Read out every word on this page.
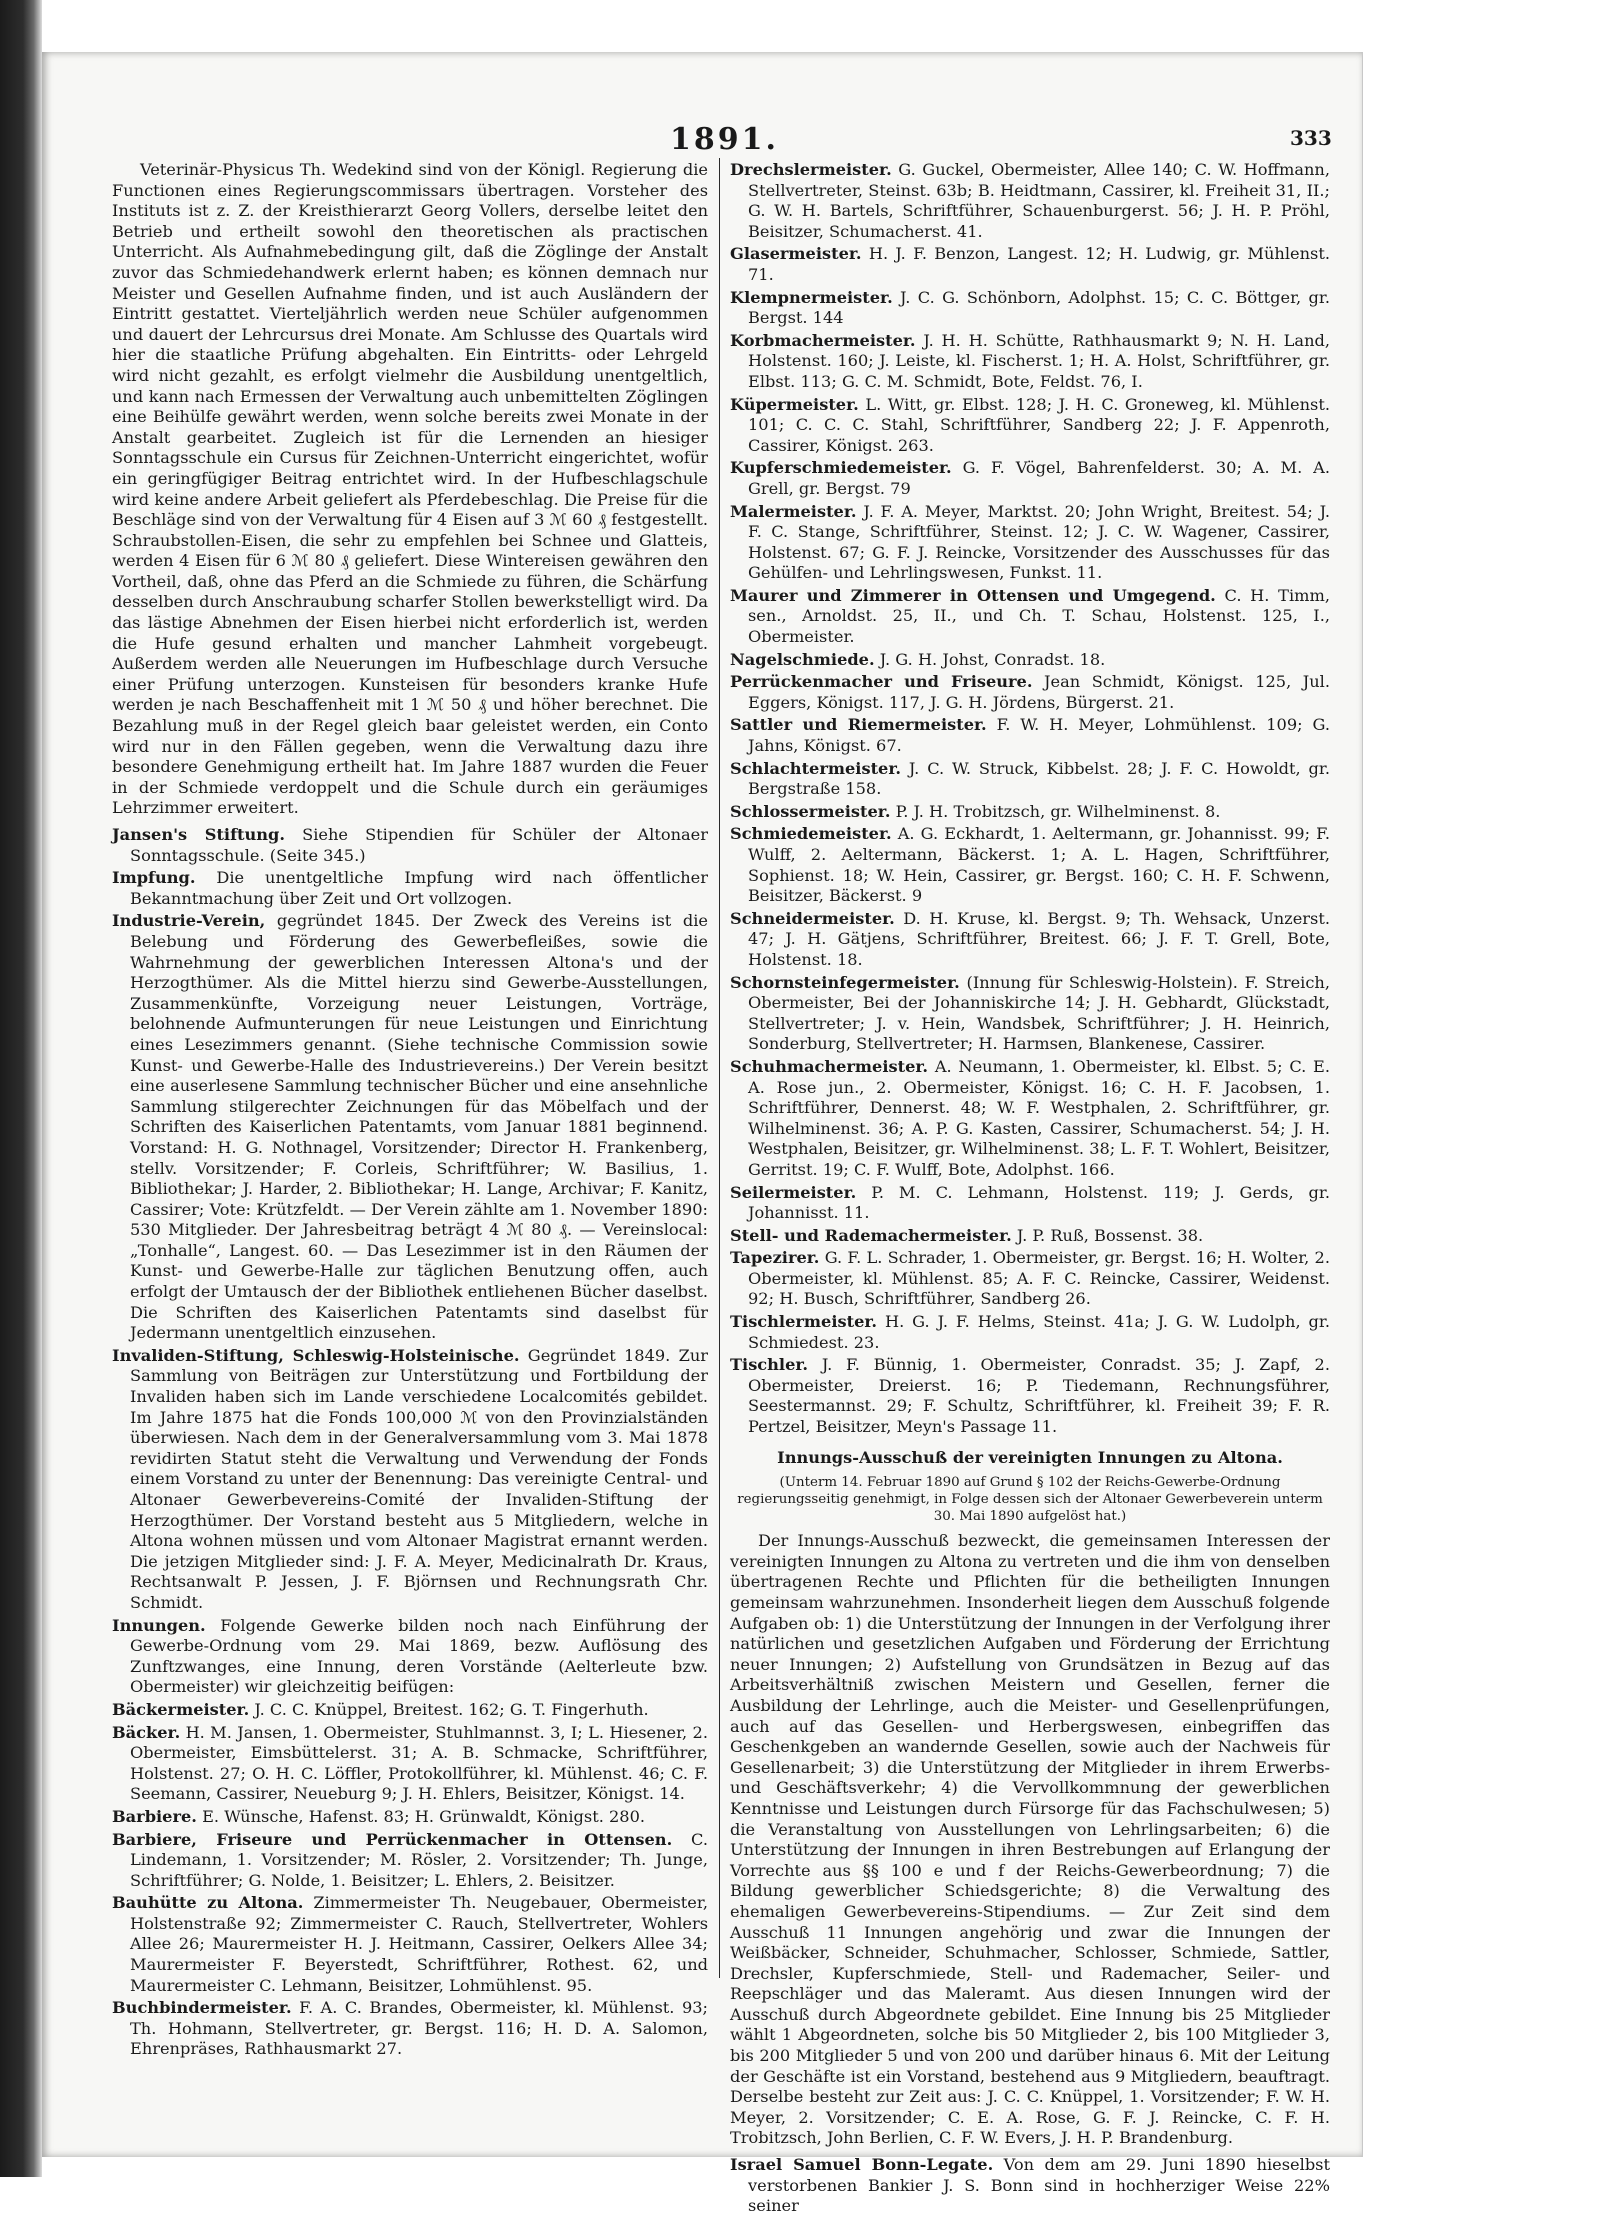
1891.	333

Veterinär-Physicus Th. Wedekind sind von der Königl. Regierung die Functionen eines Regierungscommissars übertragen. Vorsteher des Instituts ist z. Z. der Kreisthierarzt Georg Vollers, derselbe leitet den Betrieb und ertheilt sowohl den theoretischen als practischen Unterricht. Als Aufnahmebedingung gilt, daß die Zöglinge der Anstalt zuvor das Schmiedehandwerk erlernt haben; es können demnach nur Meister und Gesellen Aufnahme finden, und ist auch Ausländern der Eintritt gestattet. Vierteljährlich werden neue Schüler aufgenommen und dauert der Lehrcursus drei Monate. Am Schlusse des Quartals wird hier die staatliche Prüfung abgehalten. Ein Eintritts- oder Lehrgeld wird nicht gezahlt, es erfolgt vielmehr die Ausbildung unentgeltlich, und kann nach Ermessen der Verwaltung auch unbemittelten Zöglingen eine Beihülfe gewährt werden, wenn solche bereits zwei Monate in der Anstalt gearbeitet. Zugleich ist für die Lernenden an hiesiger Sonntagsschule ein Cursus für Zeichnen-Unterricht eingerichtet, wofür ein geringfügiger Beitrag entrichtet wird. In der Hufbeschlagschule wird keine andere Arbeit geliefert als Pferdebeschlag. Die Preise für die Beschläge sind von der Verwaltung für 4 Eisen auf 3 ℳ 60 ₰ festgestellt. Schraubstollen-Eisen, die sehr zu empfehlen bei Schnee und Glatteis, werden 4 Eisen für 6 ℳ 80 ₰ geliefert. Diese Wintereisen gewähren den Vortheil, daß, ohne das Pferd an die Schmiede zu führen, die Schärfung desselben durch Anschraubung scharfer Stollen bewerkstelligt wird. Da das lästige Abnehmen der Eisen hierbei nicht erforderlich ist, werden die Hufe gesund erhalten und mancher Lahmheit vorgebeugt. Außerdem werden alle Neuerungen im Hufbeschlage durch Versuche einer Prüfung unterzogen. Kunsteisen für besonders kranke Hufe werden je nach Beschaffenheit mit 1 ℳ 50 ₰ und höher berechnet. Die Bezahlung muß in der Regel gleich baar geleistet werden, ein Conto wird nur in den Fällen gegeben, wenn die Verwaltung dazu ihre besondere Genehmigung ertheilt hat. Im Jahre 1887 wurden die Feuer in der Schmiede verdoppelt und die Schule durch ein geräumiges Lehrzimmer erweitert.

Jansen's Stiftung. Siehe Stipendien für Schüler der Altonaer Sonntagsschule. (Seite 345.)

Impfung. Die unentgeltliche Impfung wird nach öffentlicher Bekanntmachung über Zeit und Ort vollzogen.

Industrie-Verein, gegründet 1845. Der Zweck des Vereins ist die Belebung und Förderung des Gewerbefleißes, sowie die Wahrnehmung der gewerblichen Interessen Altona's und der Herzogthümer. Als die Mittel hierzu sind Gewerbe-Ausstellungen, Zusammenkünfte, Vorzeigung neuer Leistungen, Vorträge, belohnende Aufmunterungen für neue Leistungen und Einrichtung eines Lesezimmers genannt. (Siehe technische Commission sowie Kunst- und Gewerbe-Halle des Industrievereins.) Der Verein besitzt eine auserlesene Sammlung technischer Bücher und eine ansehnliche Sammlung stilgerechter Zeichnungen für das Möbelfach und der Schriften des Kaiserlichen Patentamts, vom Januar 1881 beginnend. Vorstand: H. G. Nothnagel, Vorsitzender; Director H. Frankenberg, stellv. Vorsitzender; F. Corleis, Schriftführer; W. Basilius, 1. Bibliothekar; J. Harder, 2. Bibliothekar; H. Lange, Archivar; F. Kanitz, Cassirer; Vote: Krützfeldt. — Der Verein zählte am 1. November 1890: 530 Mitglieder. Der Jahresbeitrag beträgt 4 ℳ 80 ₰. — Vereinslocal: „Tonhalle“, Langest. 60. — Das Lesezimmer ist in den Räumen der Kunst- und Gewerbe-Halle zur täglichen Benutzung offen, auch erfolgt der Umtausch der der Bibliothek entliehenen Bücher daselbst. Die Schriften des Kaiserlichen Patentamts sind daselbst für Jedermann unentgeltlich einzusehen.

Invaliden-Stiftung, Schleswig-Holsteinische. Gegründet 1849. Zur Sammlung von Beiträgen zur Unterstützung und Fortbildung der Invaliden haben sich im Lande verschiedene Localcomités gebildet. Im Jahre 1875 hat die Fonds 100,000 ℳ von den Provinzialständen überwiesen. Nach dem in der Generalversammlung vom 3. Mai 1878 revidirten Statut steht die Verwaltung und Verwendung der Fonds einem Vorstand zu unter der Benennung: Das vereinigte Central- und Altonaer Gewerbevereins-Comité der Invaliden-Stiftung der Herzogthümer. Der Vorstand besteht aus 5 Mitgliedern, welche in Altona wohnen müssen und vom Altonaer Magistrat ernannt werden. Die jetzigen Mitglieder sind: J. F. A. Meyer, Medicinalrath Dr. Kraus, Rechtsanwalt P. Jessen, J. F. Björnsen und Rechnungsrath Chr. Schmidt.

Innungen. Folgende Gewerke bilden noch nach Einführung der Gewerbe-Ordnung vom 29. Mai 1869, bezw. Auflösung des Zunftzwanges, eine Innung, deren Vorstände (Aelterleute bzw. Obermeister) wir gleichzeitig beifügen:

Bäckermeister. J. C. C. Knüppel, Breitest. 162; G. T. Fingerhuth.

Bäcker. H. M. Jansen, 1. Obermeister, Stuhlmannst. 3, I; L. Hiesener, 2. Obermeister, Eimsbüttelerst. 31; A. B. Schmacke, Schriftführer, Holstenst. 27; O. H. C. Löffler, Protokollführer, kl. Mühlenst. 46; C. F. Seemann, Cassirer, Neueburg 9; J. H. Ehlers, Beisitzer, Königst. 14.

Barbiere. E. Wünsche, Hafenst. 83; H. Grünwaldt, Königst. 280.

Barbiere, Friseure und Perrückenmacher in Ottensen. C. Lindemann, 1. Vorsitzender; M. Rösler, 2. Vorsitzender; Th. Junge, Schriftführer; G. Nolde, 1. Beisitzer; L. Ehlers, 2. Beisitzer.

Bauhütte zu Altona. Zimmermeister Th. Neugebauer, Obermeister, Holstenstraße 92; Zimmermeister C. Rauch, Stellvertreter, Wohlers Allee 26; Maurermeister H. J. Heitmann, Cassirer, Oelkers Allee 34; Maurermeister F. Beyerstedt, Schriftführer, Rothest. 62, und Maurermeister C. Lehmann, Beisitzer, Lohmühlenst. 95.

Buchbindermeister. F. A. C. Brandes, Obermeister, kl. Mühlenst. 93; Th. Hohmann, Stellvertreter, gr. Bergst. 116; H. D. A. Salomon, Ehrenpräses, Rathhausmarkt 27.

Drechslermeister. G. Guckel, Obermeister, Allee 140; C. W. Hoffmann, Stellvertreter, Steinst. 63b; B. Heidtmann, Cassirer, kl. Freiheit 31, II.; G. W. H. Bartels, Schriftführer, Schauenburgerst. 56; J. H. P. Pröhl, Beisitzer, Schumacherst. 41.

Glasermeister. H. J. F. Benzon, Langest. 12; H. Ludwig, gr. Mühlenst. 71.

Klempnermeister. J. C. G. Schönborn, Adolphst. 15; C. C. Böttger, gr. Bergst. 144

Korbmachermeister. J. H. H. Schütte, Rathhausmarkt 9; N. H. Land, Holstenst. 160; J. Leiste, kl. Fischerst. 1; H. A. Holst, Schriftführer, gr. Elbst. 113; G. C. M. Schmidt, Bote, Feldst. 76, I.

Küpermeister. L. Witt, gr. Elbst. 128; J. H. C. Groneweg, kl. Mühlenst. 101; C. C. C. Stahl, Schriftführer, Sandberg 22; J. F. Appenroth, Cassirer, Königst. 263.

Kupferschmiedemeister. G. F. Vögel, Bahrenfelderst. 30; A. M. A. Grell, gr. Bergst. 79

Malermeister. J. F. A. Meyer, Marktst. 20; John Wright, Breitest. 54; J. F. C. Stange, Schriftführer, Steinst. 12; J. C. W. Wagener, Cassirer, Holstenst. 67; G. F. J. Reincke, Vorsitzender des Ausschusses für das Gehülfen- und Lehrlingswesen, Funkst. 11.

Maurer und Zimmerer in Ottensen und Umgegend. C. H. Timm, sen., Arnoldst. 25, II., und Ch. T. Schau, Holstenst. 125, I., Obermeister.

Nagelschmiede. J. G. H. Johst, Conradst. 18.

Perrückenmacher und Friseure. Jean Schmidt, Königst. 125, Jul. Eggers, Königst. 117, J. G. H. Jördens, Bürgerst. 21.

Sattler und Riemermeister. F. W. H. Meyer, Lohmühlenst. 109; G. Jahns, Königst. 67.

Schlachtermeister. J. C. W. Struck, Kibbelst. 28; J. F. C. Howoldt, gr. Bergstraße 158.

Schlossermeister. P. J. H. Trobitzsch, gr. Wilhelminenst. 8.

Schmiedemeister. A. G. Eckhardt, 1. Aeltermann, gr. Johannisst. 99; F. Wulff, 2. Aeltermann, Bäckerst. 1; A. L. Hagen, Schriftführer, Sophienst. 18; W. Hein, Cassirer, gr. Bergst. 160; C. H. F. Schwenn, Beisitzer, Bäckerst. 9

Schneidermeister. D. H. Kruse, kl. Bergst. 9; Th. Wehsack, Unzerst. 47; J. H. Gätjens, Schriftführer, Breitest. 66; J. F. T. Grell, Bote, Holstenst. 18.

Schornsteinfegermeister. (Innung für Schleswig-Holstein). F. Streich, Obermeister, Bei der Johanniskirche 14; J. H. Gebhardt, Glückstadt, Stellvertreter; J. v. Hein, Wandsbek, Schriftführer; J. H. Heinrich, Sonderburg, Stellvertreter; H. Harmsen, Blankenese, Cassirer.

Schuhmachermeister. A. Neumann, 1. Obermeister, kl. Elbst. 5; C. E. A. Rose jun., 2. Obermeister, Königst. 16; C. H. F. Jacobsen, 1. Schriftführer, Dennerst. 48; W. F. Westphalen, 2. Schriftführer, gr. Wilhelminenst. 36; A. P. G. Kasten, Cassirer, Schumacherst. 54; J. H. Westphalen, Beisitzer, gr. Wilhelminenst. 38; L. F. T. Wohlert, Beisitzer, Gerritst. 19; C. F. Wulff, Bote, Adolphst. 166.

Seilermeister. P. M. C. Lehmann, Holstenst. 119; J. Gerds, gr. Johannisst. 11.

Stell- und Rademachermeister. J. P. Ruß, Bossenst. 38.

Tapezirer. G. F. L. Schrader, 1. Obermeister, gr. Bergst. 16; H. Wolter, 2. Obermeister, kl. Mühlenst. 85; A. F. C. Reincke, Cassirer, Weidenst. 92; H. Busch, Schriftführer, Sandberg 26.

Tischlermeister. H. G. J. F. Helms, Steinst. 41a; J. G. W. Ludolph, gr. Schmiedest. 23.

Tischler. J. F. Bünnig, 1. Obermeister, Conradst. 35; J. Zapf, 2. Obermeister, Dreierst. 16; P. Tiedemann, Rechnungsführer, Seestermannst. 29; F. Schultz, Schriftführer, kl. Freiheit 39; F. R. Pertzel, Beisitzer, Meyn's Passage 11.

Innungs-Ausschuß der vereinigten Innungen zu Altona.

(Unterm 14. Februar 1890 auf Grund § 102 der Reichs-Gewerbe-Ordnung regierungsseitig genehmigt, in Folge dessen sich der Altonaer Gewerbeverein unterm 30. Mai 1890 aufgelöst hat.)

Der Innungs-Ausschuß bezweckt, die gemeinsamen Interessen der vereinigten Innungen zu Altona zu vertreten und die ihm von denselben übertragenen Rechte und Pflichten für die betheiligten Innungen gemeinsam wahrzunehmen. Insonderheit liegen dem Ausschuß folgende Aufgaben ob: 1) die Unterstützung der Innungen in der Verfolgung ihrer natürlichen und gesetzlichen Aufgaben und Förderung der Errichtung neuer Innungen; 2) Aufstellung von Grundsätzen in Bezug auf das Arbeitsverhältniß zwischen Meistern und Gesellen, ferner die Ausbildung der Lehrlinge, auch die Meister- und Gesellenprüfungen, auch auf das Gesellen- und Herbergswesen, einbegriffen das Geschenkgeben an wandernde Gesellen, sowie auch der Nachweis für Gesellenarbeit; 3) die Unterstützung der Mitglieder in ihrem Erwerbs- und Geschäftsverkehr; 4) die Vervollkommnung der gewerblichen Kenntnisse und Leistungen durch Fürsorge für das Fachschulwesen; 5) die Veranstaltung von Ausstellungen von Lehrlingsarbeiten; 6) die Unterstützung der Innungen in ihren Bestrebungen auf Erlangung der Vorrechte aus §§ 100 e und f der Reichs-Gewerbeordnung; 7) die Bildung gewerblicher Schiedsgerichte; 8) die Verwaltung des ehemaligen Gewerbevereins-Stipendiums. — Zur Zeit sind dem Ausschuß 11 Innungen angehörig und zwar die Innungen der Weißbäcker, Schneider, Schuhmacher, Schlosser, Schmiede, Sattler, Drechsler, Kupferschmiede, Stell- und Rademacher, Seiler- und Reepschläger und das Maleramt. Aus diesen Innungen wird der Ausschuß durch Abgeordnete gebildet. Eine Innung bis 25 Mitglieder wählt 1 Abgeordneten, solche bis 50 Mitglieder 2, bis 100 Mitglieder 3, bis 200 Mitglieder 5 und von 200 und darüber hinaus 6. Mit der Leitung der Geschäfte ist ein Vorstand, bestehend aus 9 Mitgliedern, beauftragt. Derselbe besteht zur Zeit aus: J. C. C. Knüppel, 1. Vorsitzender; F. W. H. Meyer, 2. Vorsitzender; C. E. A. Rose, G. F. J. Reincke, C. F. H. Trobitzsch, John Berlien, C. F. W. Evers, J. H. P. Brandenburg.

Israel Samuel Bonn-Legate. Von dem am 29. Juni 1890 hieselbst verstorbenen Bankier J. S. Bonn sind in hochherziger Weise 22% seiner
